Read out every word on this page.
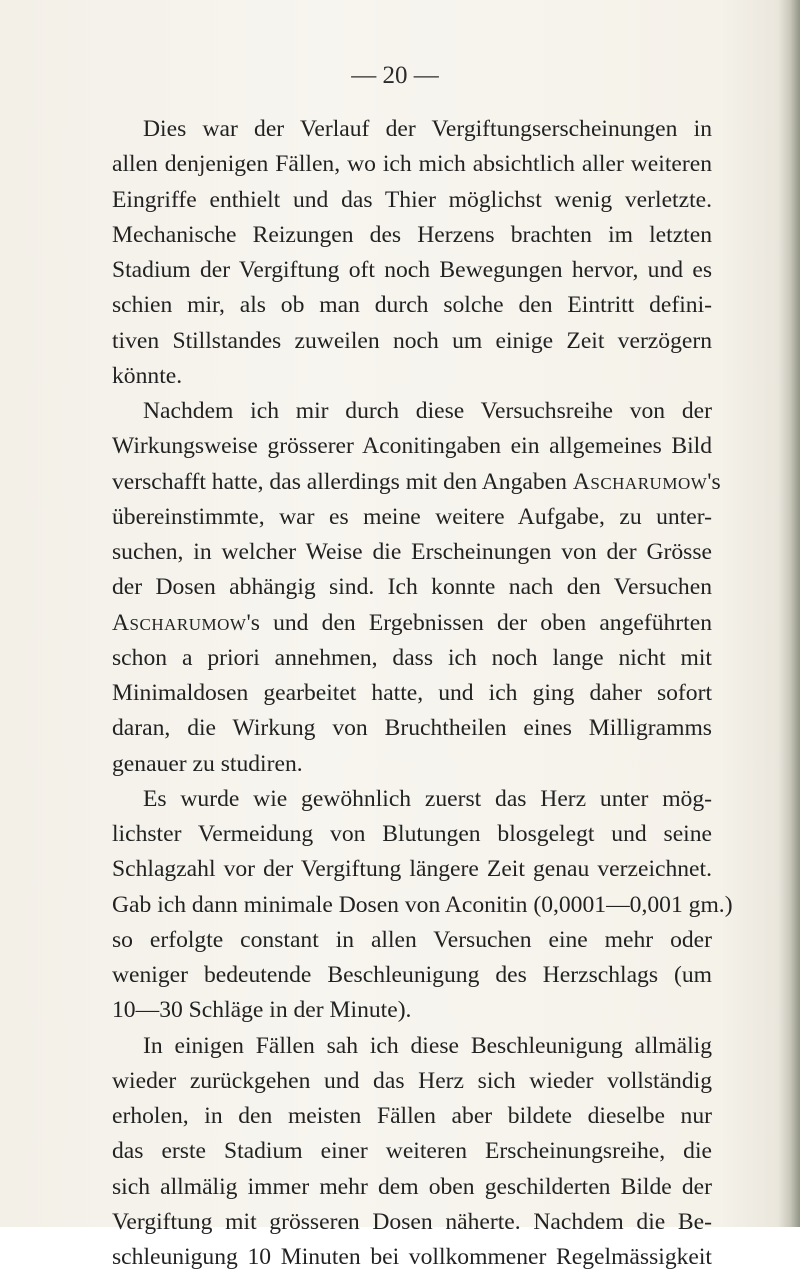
— 20 —
Dies war der Verlauf der Vergiftungserscheinungen in
allen denjenigen Fällen, wo ich mich absichtlich aller weiteren
Eingriffe enthielt und das Thier möglichst wenig verletzte.
Mechanische Reizungen des Herzens brachten im letzten
Stadium der Vergiftung oft noch Bewegungen hervor, und es
schien mir, als ob man durch solche den Eintritt defini-
tiven Stillstandes zuweilen noch um einige Zeit verzögern
könnte.
Nachdem ich mir durch diese Versuchsreihe von der
Wirkungsweise grösserer Aconitingaben ein allgemeines Bild
verschafft hatte, das allerdings mit den Angaben Ascharumow's
übereinstimmte, war es meine weitere Aufgabe, zu unter-
suchen, in welcher Weise die Erscheinungen von der Grösse
der Dosen abhängig sind. Ich konnte nach den Versuchen
Ascharumow's und den Ergebnissen der oben angeführten
schon a priori annehmen, dass ich noch lange nicht mit
Minimaldosen gearbeitet hatte, und ich ging daher sofort
daran, die Wirkung von Bruchtheilen eines Milligramms
genauer zu studiren.
Es wurde wie gewöhnlich zuerst das Herz unter mög-
lichster Vermeidung von Blutungen blosgelegt und seine
Schlagzahl vor der Vergiftung längere Zeit genau verzeichnet.
Gab ich dann minimale Dosen von Aconitin (0,0001—0,001 gm.)
so erfolgte constant in allen Versuchen eine mehr oder
weniger bedeutende Beschleunigung des Herzschlags (um
10—30 Schläge in der Minute).
In einigen Fällen sah ich diese Beschleunigung allmälig
wieder zurückgehen und das Herz sich wieder vollständig
erholen, in den meisten Fällen aber bildete dieselbe nur
das erste Stadium einer weiteren Erscheinungsreihe, die
sich allmälig immer mehr dem oben geschilderten Bilde der
Vergiftung mit grösseren Dosen näherte. Nachdem die Be-
schleunigung 10 Minuten bei vollkommener Regelmässigkeit
